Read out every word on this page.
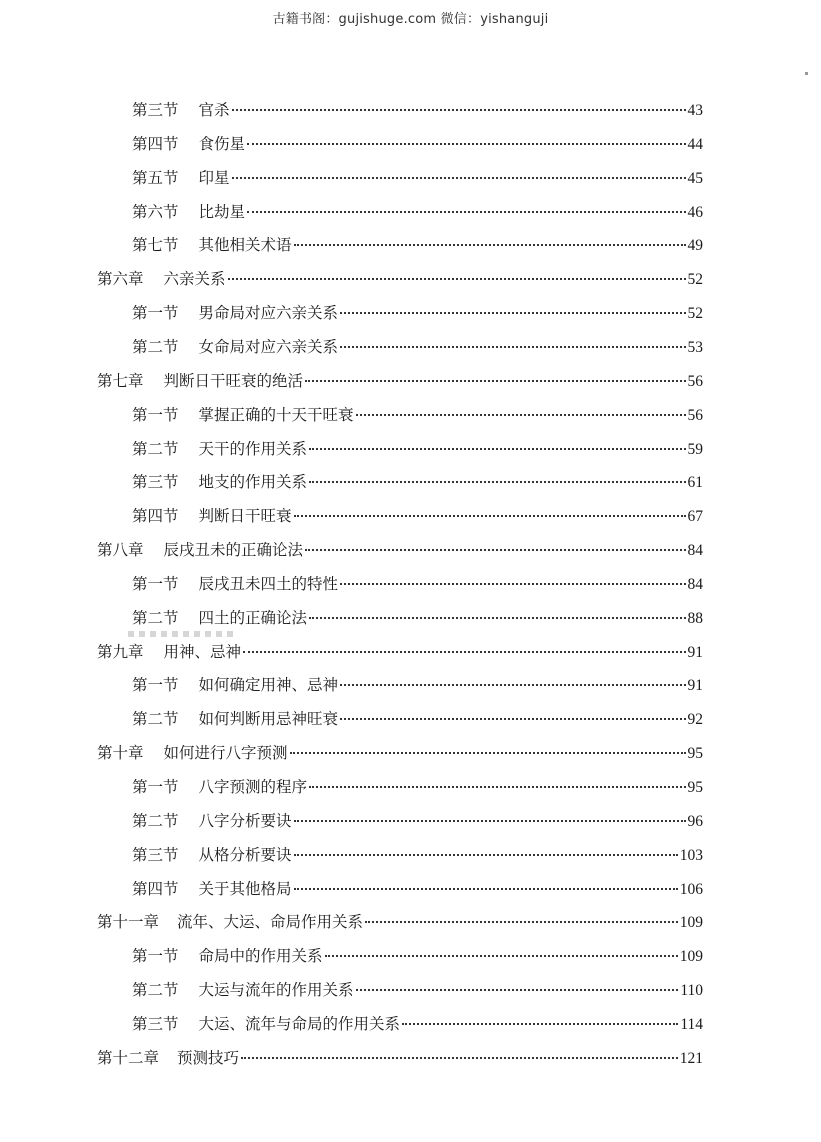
古籍书阁：gujishuge.com 微信：yishanguji
第三节 官杀	43
第四节 食伤星	44
第五节 印星	45
第六节 比劫星	46
第七节 其他相关术语	49
第六章 六亲关系	52
第一节 男命局对应六亲关系	52
第二节 女命局对应六亲关系	53
第七章 判断日干旺衰的绝活	56
第一节 掌握正确的十天干旺衰	56
第二节 天干的作用关系	59
第三节 地支的作用关系	61
第四节 判断日干旺衰	67
第八章 辰戌丑未的正确论法	84
第一节 辰戌丑未四土的特性	84
第二节 四土的正确论法	88
第九章 用神、忌神	91
第一节 如何确定用神、忌神	91
第二节 如何判断用忌神旺衰	92
第十章 如何进行八字预测	95
第一节 八字预测的程序	95
第二节 八字分析要诀	96
第三节 从格分析要诀	103
第四节 关于其他格局	106
第十一章 流年、大运、命局作用关系	109
第一节 命局中的作用关系	109
第二节 大运与流年的作用关系	110
第三节 大运、流年与命局的作用关系	114
第十二章 预测技巧	121
